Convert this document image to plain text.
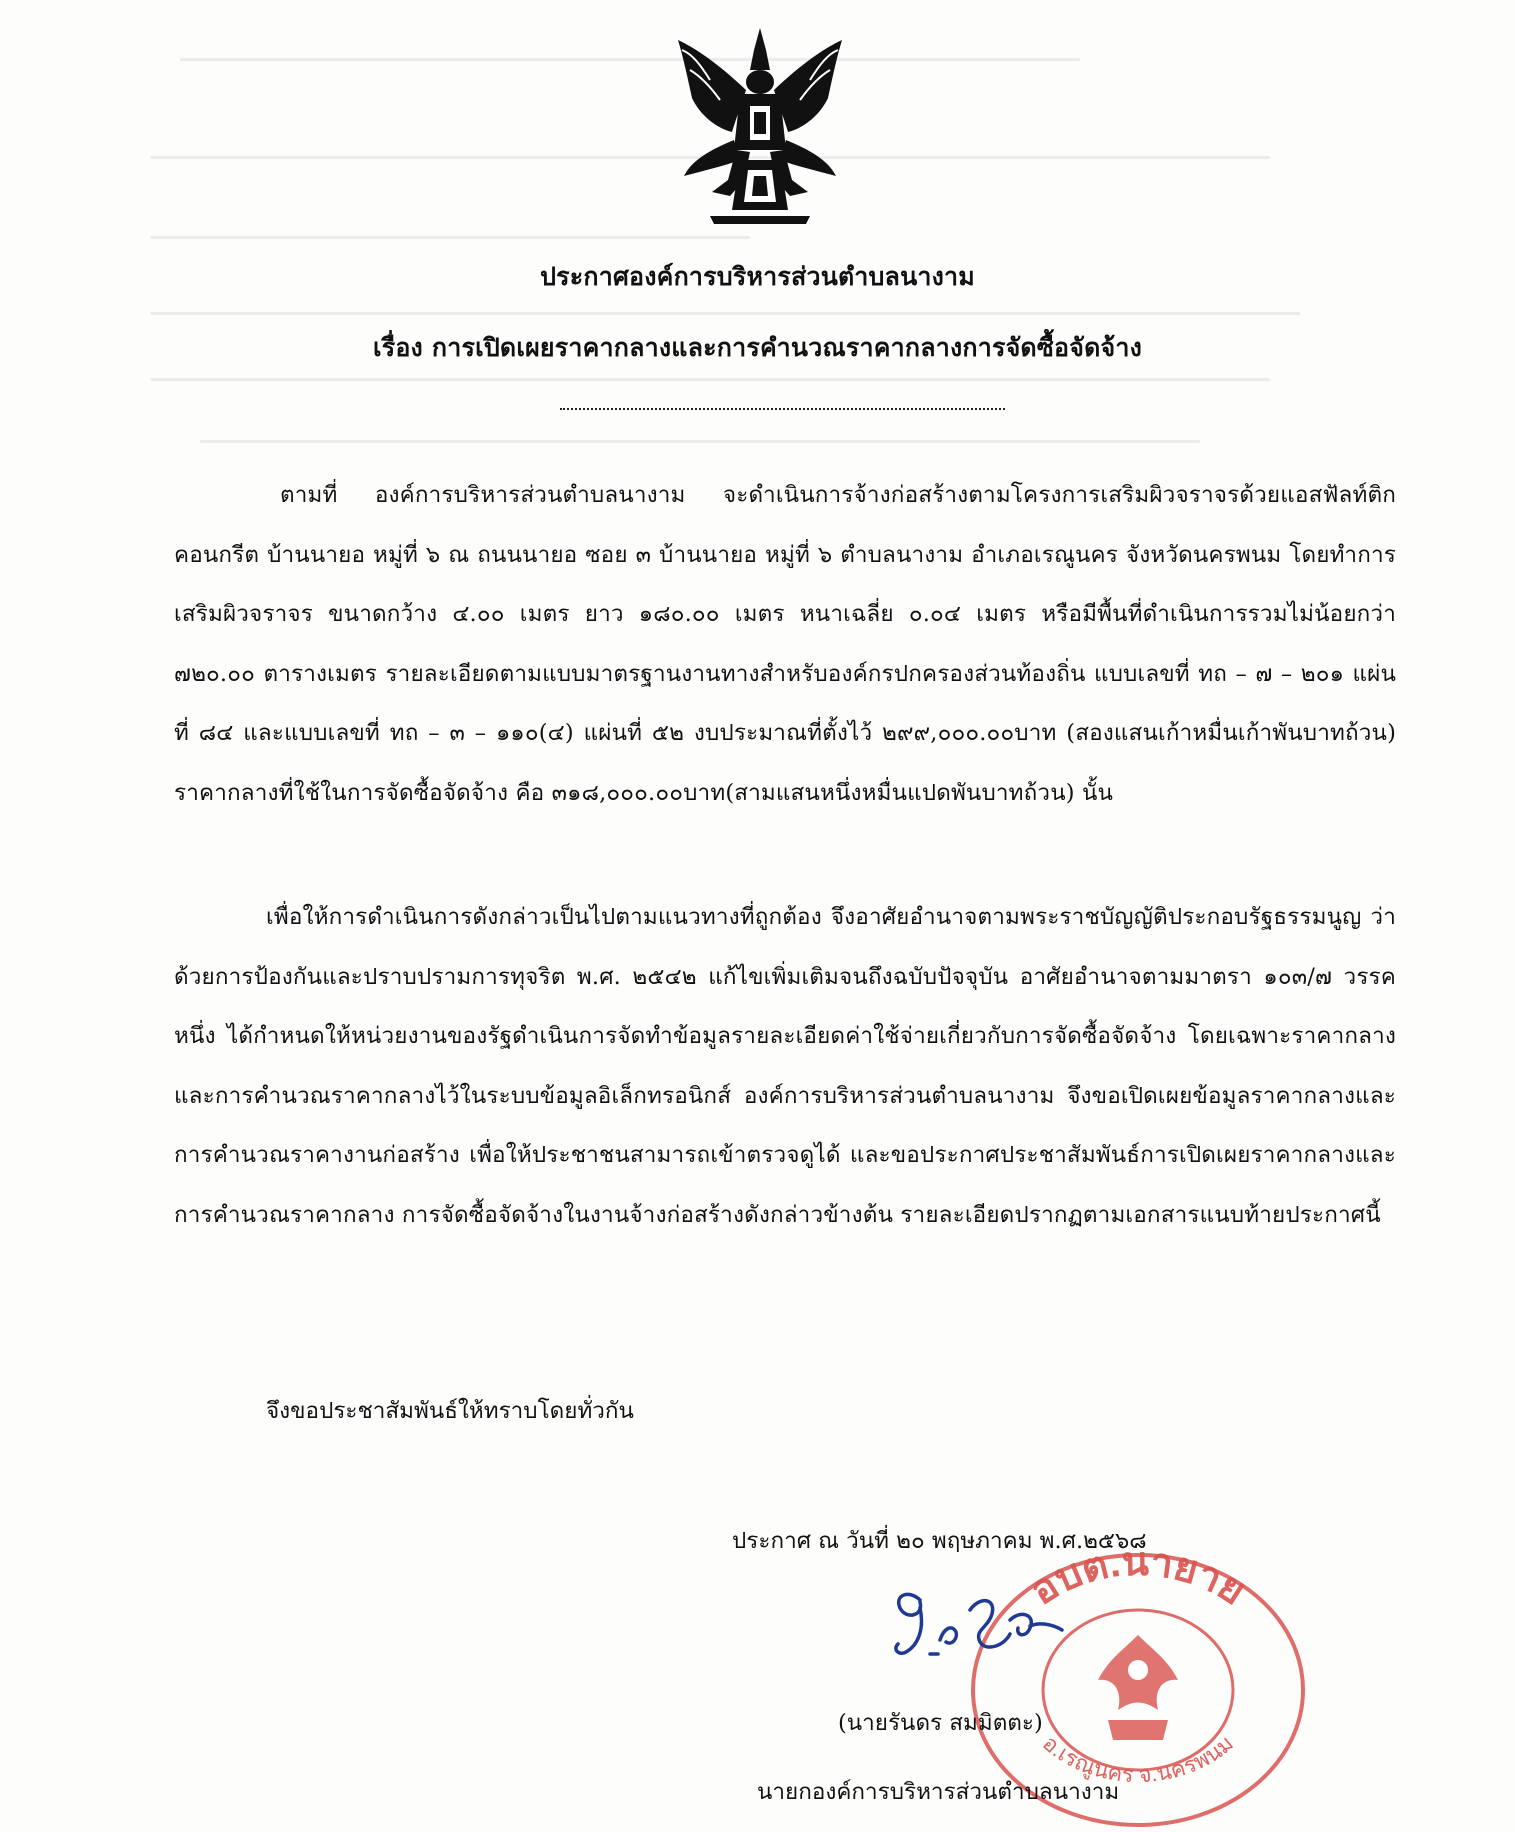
ประกาศองค์การบริหารส่วนตำบลนางาม
เรื่อง การเปิดเผยราคากลางและการคำนวณราคากลางการจัดซื้อจัดจ้าง
ตามที่ องค์การบริหารส่วนตำบลนางาม จะดำเนินการจ้างก่อสร้างตามโครงการเสริมผิวจราจรด้วยแอสฟัลท์ติกคอนกรีต บ้านนายอ หมู่ที่ ๖ ณ ถนนนายอ ซอย ๓ บ้านนายอ หมู่ที่ ๖ ตำบลนางาม อำเภอเรณูนคร จังหวัดนครพนม โดยทำการเสริมผิวจราจร ขนาดกว้าง ๔.๐๐ เมตร ยาว ๑๘๐.๐๐ เมตร หนาเฉลี่ย ๐.๐๔ เมตร หรือมีพื้นที่ดำเนินการรวมไม่น้อยกว่า ๗๒๐.๐๐ ตารางเมตร รายละเอียดตามแบบมาตรฐานงานทางสำหรับองค์กรปกครองส่วนท้องถิ่น แบบเลขที่ ทถ – ๗ – ๒๐๑ แผ่นที่ ๘๔ และแบบเลขที่ ทถ – ๓ – ๑๑๐(๔) แผ่นที่ ๕๒ งบประมาณที่ตั้งไว้ ๒๙๙,๐๐๐.๐๐บาท (สองแสนเก้าหมื่นเก้าพันบาทถ้วน) ราคากลางที่ใช้ในการจัดซื้อจัดจ้าง คือ ๓๑๘,๐๐๐.๐๐บาท(สามแสนหนึ่งหมื่นแปดพันบาทถ้วน) นั้น
เพื่อให้การดำเนินการดังกล่าวเป็นไปตามแนวทางที่ถูกต้อง จึงอาศัยอำนาจตามพระราชบัญญัติประกอบรัฐธรรมนูญ ว่าด้วยการป้องกันและปราบปรามการทุจริต พ.ศ. ๒๕๔๒ แก้ไขเพิ่มเติมจนถึงฉบับปัจจุบัน อาศัยอำนาจตามมาตรา ๑๐๓/๗ วรรคหนึ่ง ได้กำหนดให้หน่วยงานของรัฐดำเนินการจัดทำข้อมูลรายละเอียดค่าใช้จ่ายเกี่ยวกับการจัดซื้อจัดจ้าง โดยเฉพาะราคากลางและการคำนวณราคากลางไว้ในระบบข้อมูลอิเล็กทรอนิกส์ องค์การบริหารส่วนตำบลนางาม จึงขอเปิดเผยข้อมูลราคากลางและการคำนวณราคางานก่อสร้าง เพื่อให้ประชาชนสามารถเข้าตรวจดูได้ และขอประกาศประชาสัมพันธ์การเปิดเผยราคากลางและการคำนวณราคากลาง การจัดซื้อจัดจ้างในงานจ้างก่อสร้างดังกล่าวข้างต้น รายละเอียดปรากฏตามเอกสารแนบท้ายประกาศนี้
จึงขอประชาสัมพันธ์ให้ทราบโดยทั่วกัน
ประกาศ ณ วันที่ ๒๐ พฤษภาคม พ.ศ.๒๕๖๘
อบต.นายาย
อ.เรณูนคร จ.นครพนม
(นายรันดร สมมิตตะ)
นายกองค์การบริหารส่วนตำบลนางาม
